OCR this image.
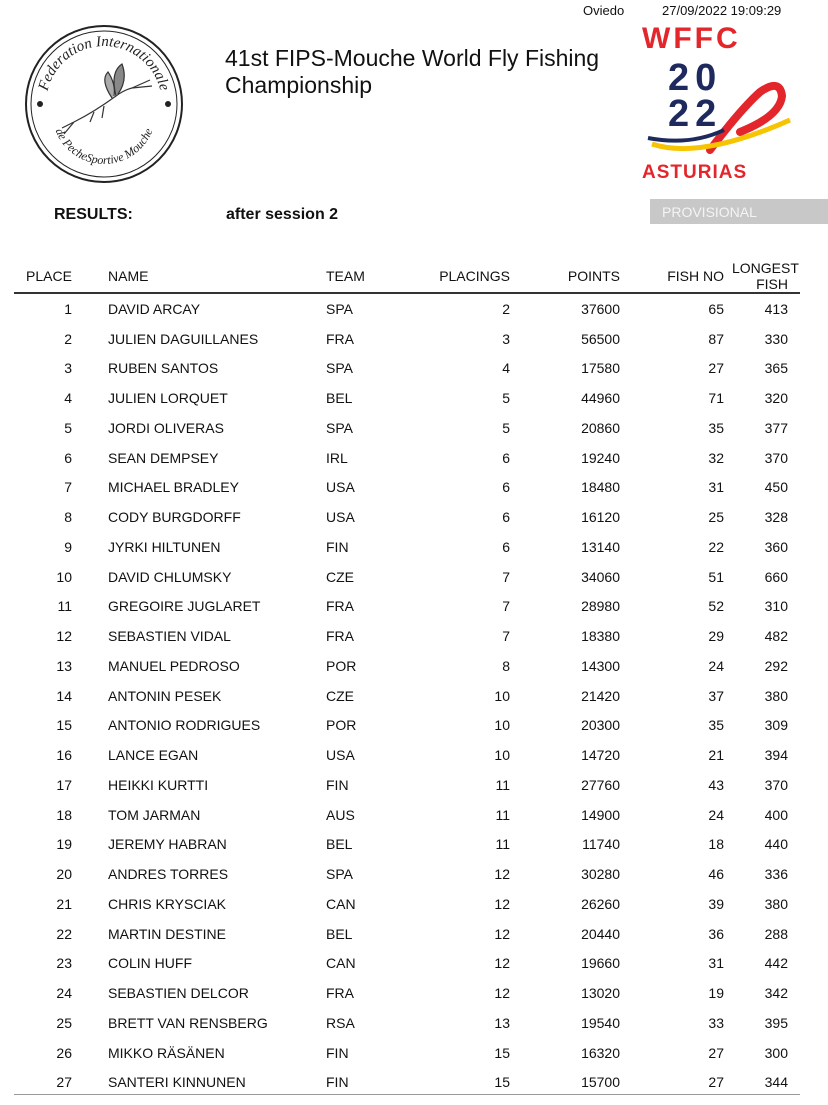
Oviedo	27/09/2022 19:09:29
Federation Internationale
de PecheSportive Mouche
41st FIPS-Mouche World Fly Fishing
Championship
WFFC
20
22
ASTURIAS
RESULTS:	after session 2	PROVISIONAL
PLACE	NAME	TEAM	PLACINGS	POINTS	FISH NO	LONGEST FISH
1	DAVID ARCAY	SPA	2	37600	65	413
2	JULIEN DAGUILLANES	FRA	3	56500	87	330
3	RUBEN SANTOS	SPA	4	17580	27	365
4	JULIEN LORQUET	BEL	5	44960	71	320
5	JORDI OLIVERAS	SPA	5	20860	35	377
6	SEAN DEMPSEY	IRL	6	19240	32	370
7	MICHAEL BRADLEY	USA	6	18480	31	450
8	CODY BURGDORFF	USA	6	16120	25	328
9	JYRKI HILTUNEN	FIN	6	13140	22	360
10	DAVID CHLUMSKY	CZE	7	34060	51	660
11	GREGOIRE JUGLARET	FRA	7	28980	52	310
12	SEBASTIEN VIDAL	FRA	7	18380	29	482
13	MANUEL PEDROSO	POR	8	14300	24	292
14	ANTONIN PESEK	CZE	10	21420	37	380
15	ANTONIO RODRIGUES	POR	10	20300	35	309
16	LANCE EGAN	USA	10	14720	21	394
17	HEIKKI KURTTI	FIN	11	27760	43	370
18	TOM JARMAN	AUS	11	14900	24	400
19	JEREMY HABRAN	BEL	11	11740	18	440
20	ANDRES TORRES	SPA	12	30280	46	336
21	CHRIS KRYSCIAK	CAN	12	26260	39	380
22	MARTIN DESTINE	BEL	12	20440	36	288
23	COLIN HUFF	CAN	12	19660	31	442
24	SEBASTIEN DELCOR	FRA	12	13020	19	342
25	BRETT VAN RENSBERG	RSA	13	19540	33	395
26	MIKKO RÄSÄNEN	FIN	15	16320	27	300
27	SANTERI KINNUNEN	FIN	15	15700	27	344
